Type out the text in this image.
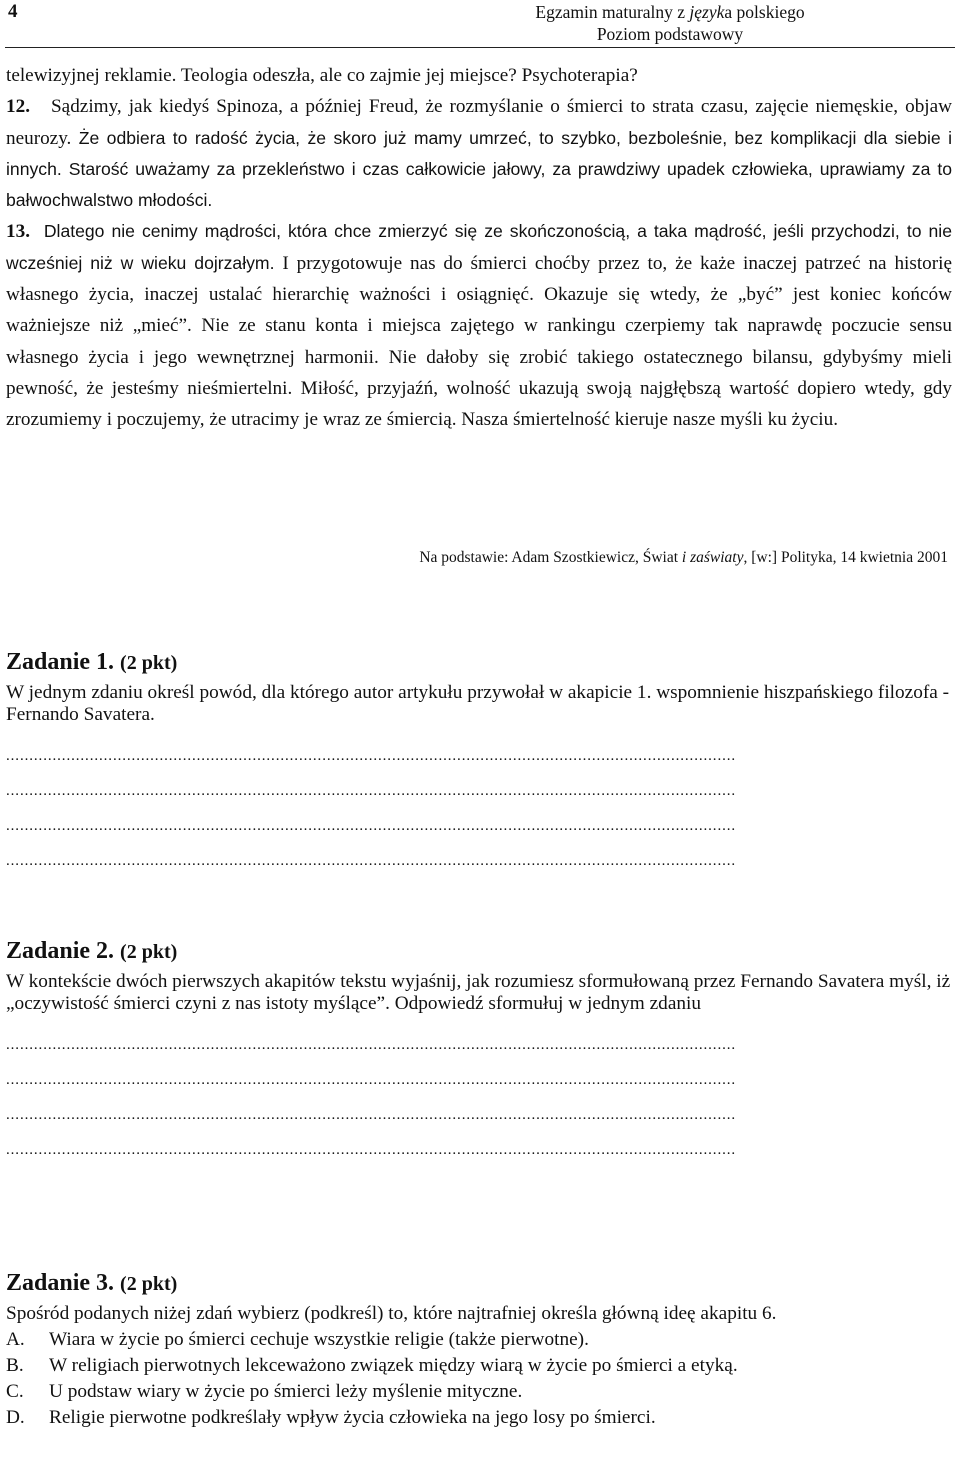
4	Egzamin maturalny z języka polskiego
Poziom podstawowy

telewizyjnej reklamie. Teologia odeszła, ale co zajmie jej miejsce? Psychoterapia?

12. Sądzimy, jak kiedyś Spinoza, a później Freud, że rozmyślanie o śmierci to strata czasu, zajęcie niemęskie, objaw neurozy. Że odbiera to radość życia, że skoro już mamy umrzeć, to szybko, bezboleśnie, bez komplikacji dla siebie i innych. Starość uważamy za przekleństwo i czas całkowicie jałowy, za prawdziwy upadek człowieka, uprawiamy za to bałwochwalstwo młodości.

13. Dlatego nie cenimy mądrości, która chce zmierzyć się ze skończonością, a taka mądrość, jeśli przychodzi, to nie wcześniej niż w wieku dojrzałym. I przygotowuje nas do śmierci choćby przez to, że każe inaczej patrzeć na historię własnego życia, inaczej ustalać hierarchię ważności i osiągnięć. Okazuje się wtedy, że „być” jest koniec końców ważniejsze niż „mieć”. Nie ze stanu konta i miejsca zajętego w rankingu czerpiemy tak naprawdę poczucie sensu własnego życia i jego wewnętrznej harmonii. Nie dałoby się zrobić takiego ostatecznego bilansu, gdybyśmy mieli pewność, że jesteśmy nieśmiertelni. Miłość, przyjaźń, wolność ukazują swoją najgłębszą wartość dopiero wtedy, gdy zrozumiemy i poczujemy, że utracimy je wraz ze śmiercią. Nasza śmiertelność kieruje nasze myśli ku życiu.

Na podstawie: Adam Szostkiewicz, Świat i zaświaty, [w:] Polityka, 14 kwietnia 2001
Zadanie 1. (2 pkt)
W jednym zdaniu określ powód, dla którego autor artykułu przywołał w akapicie 1. wspomnienie hiszpańskiego filozofa - Fernando Savatera.
.............................................................................................................................................................
.............................................................................................................................................................
.............................................................................................................................................................
.............................................................................................................................................................
Zadanie 2. (2 pkt)
W kontekście dwóch pierwszych akapitów tekstu wyjaśnij, jak rozumiesz sformułowaną przez Fernando Savatera myśl, iż „oczywistość śmierci czyni z nas istoty myślące”. Odpowiedź sformułuj w jednym zdaniu
.............................................................................................................................................................
.............................................................................................................................................................
.............................................................................................................................................................
.............................................................................................................................................................
Zadanie 3. (2 pkt)
Spośród podanych niżej zdań wybierz (podkreśl) to, które najtrafniej określa główną ideę akapitu 6.
A.	Wiara w życie po śmierci cechuje wszystkie religie (także pierwotne).
B.	W religiach pierwotnych lekceważono związek między wiarą w życie po śmierci a etyką.
C.	U podstaw wiary w życie po śmierci leży myślenie mityczne.
D.	Religie pierwotne podkreślały wpływ życia człowieka na jego losy po śmierci.
